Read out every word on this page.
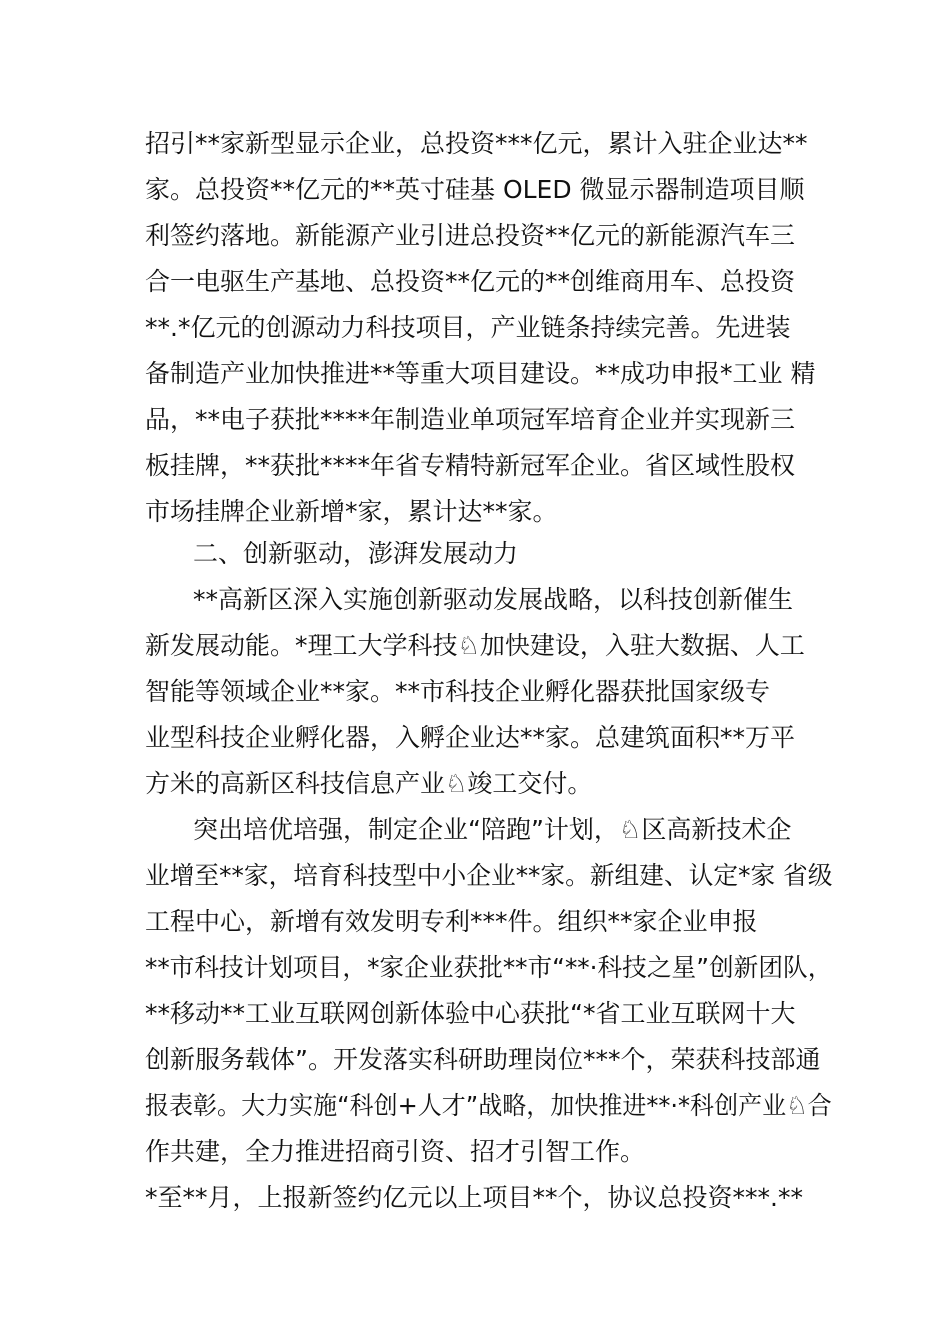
招引**家新型显示企业，总投资***亿元，累计入驻企业达**
家。总投资**亿元的**英寸硅基 OLED 微显示器制造项目顺
利签约落地。新能源产业引进总投资**亿元的新能源汽车三
合一电驱生产基地、总投资**亿元的**创维商用车、总投资
**.*亿元的创源动力科技项目，产业链条持续完善。先进装
备制造产业加快推进**等重大项目建设。**成功申报*工业 精
品，**电子获批****年制造业单项冠军培育企业并实现新三
板挂牌，**获批****年省专精特新冠军企业。省区域性股权
市场挂牌企业新增*家，累计达**家。
二、创新驱动，澎湃发展动力
**高新区深入实施创新驱动发展战略，以科技创新催生
新发展动能。*理工大学科技♘加快建设，入驻大数据、人工
智能等领域企业**家。**市科技企业孵化器获批国家级专
业型科技企业孵化器，入孵企业达**家。总建筑面积**万平
方米的高新区科技信息产业♘竣工交付。
突出培优培强，制定企业“陪跑”计划，♘区高新技术企
业增至**家，培育科技型中小企业**家。新组建、认定*家 省级
工程中心，新增有效发明专利***件。组织**家企业申报
**市科技计划项目，*家企业获批**市“**·科技之星”创新团队，
**移动**工业互联网创新体验中心获批“*省工业互联网十大
创新服务载体”。开发落实科研助理岗位***个，荣获科技部通
报表彰。大力实施“科创+人才”战略，加快推进**·*科创产业♘合
作共建，全力推进招商引资、招才引智工作。
*至**月，上报新签约亿元以上项目**个，协议总投资***.**
